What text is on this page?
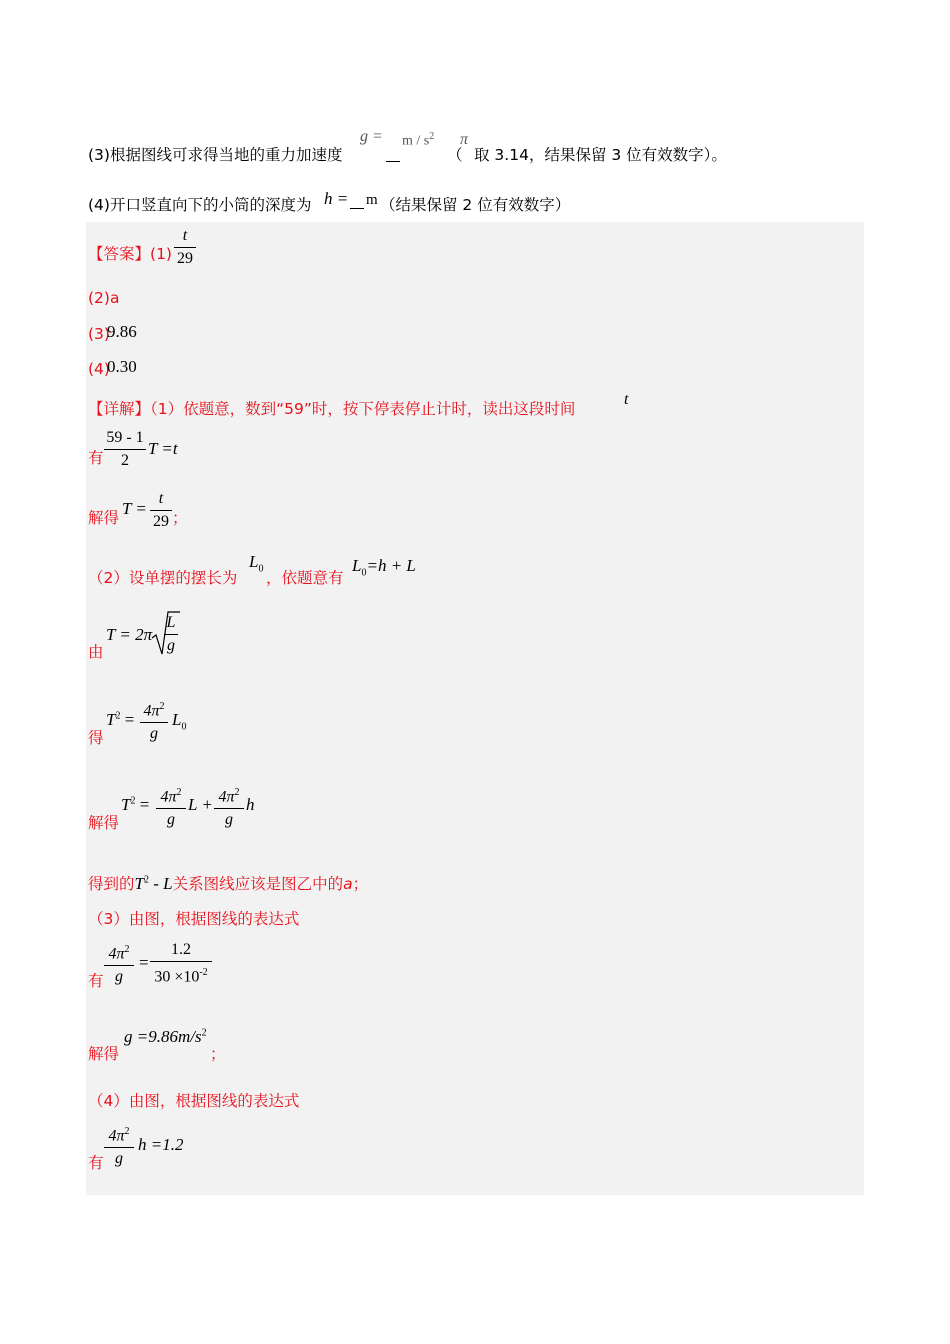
(3)根据图线可求得当地的重力加速度
$g = m / s^2$
（
π
取 3.14，结果保留 3 位有效数字）。
(4)开口竖直向下的小筒的深度为 h = m （结果保留 2 位有效数字）
【答案】(1)
t
29
(2)a
(3)
9.86
(4)
0.30
【详解】（1）依题意，数到“59”时，按下停表停止计时，读出这段时间
t
有
59 - 1
2
T =t
解得 T =
t
29 ；
（2）设单摆的摆长为
$L_0$
，依题意有
$L_0=h + L$
由
T = 2π
L
g
得
$T^2 = 4\pi^2$
g
$L_0$
解得
$T^2 = 4\pi^2$
g
$L + 4\pi^2$
g
h
得到的$T^2$ - L关系图线应该是图乙中的a；
（3）由图，根据图线的表达式
有
$4\pi^2$
g
=
1.2
$30 \times 10^{-2}$
解得
$g =9.86m/s^2$
；
（4）由图，根据图线的表达式
有
$4\pi^2$
g
h =1.2
